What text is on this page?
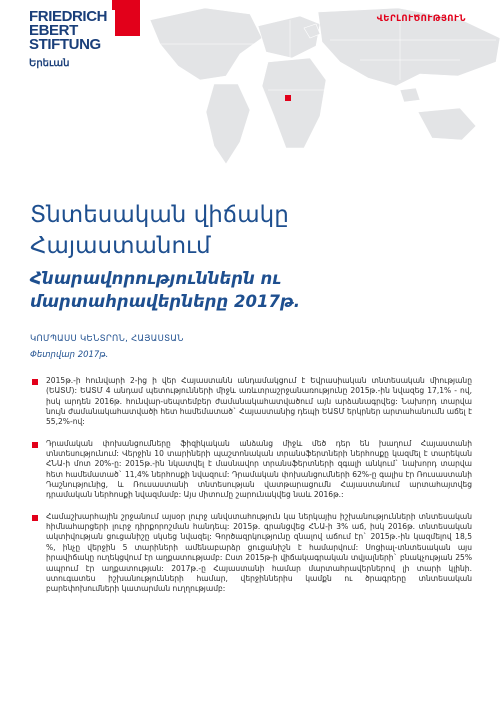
FRIEDRICH
EBERT
STIFTUNG
Երեւան
ՎԵՐԼՈՒԾՈՒԹՅՈՒՆ
Տնտեսական վիճակը
Հայաստանում
Հնարավորություններն ու
մարտահրավերները 2017թ.
ԿՈՄՊԱՍՍ ԿԵՆՏՐՈՆ, ՀԱՅԱՍՏԱՆ
Փետրվար 2017թ.

2015թ.-ի հունվարի 2-ից ի վեր Հայաստանն անդամակցում է Եվրասիական տնտեսական միությանը (ԵԱՏՄ): ԵԱՏՄ 4 անդամ պետությունների միջև առևտրաշրջանառությունը 2015թ.-ին նվազեց 17,1% - ով, իսկ արդեն 2016թ. հունվար-սեպտեմբեր ժամանակահատվածում այն արձանագրվեց: Նախորդ տարվա նույն ժամանակահատվածի հետ համեմատած` Հայաստանից դեպի ԵԱՏՄ երկրներ արտահանումն աճել է 55,2%-ով:

Դրամական փոխանցումները ֆիզիկական անձանց միջև մեծ դեր են խաղում Հայաստանի տնտեսությունում: Վերջին 10 տարիների պաշտոնական տրանսֆերտների ներհոսքը կազմել է տարեկան ՀՆԱ-ի մոտ 20%-ը: 2015թ.-ին նկատվել է մասնավոր տրանսֆերտների զգալի անկում` նախորդ տարվա հետ համեմատած` 11,4% ներհոսքի նվազում: Դրամական փոխանցումների 62%-ը գալիս էր Ռուսաստանի Դաշնությունից, և Ռուսաստանի տնտեսության վատթարացումն Հայաստանում արտահայտվեց դրամական ներհոսքի նվազմամբ: Այս միտումը շարունակվեց նաև 2016թ.:

Համաշխարհային շրջանում այսօր լուրջ անվստահություն կա ներկայիս իշխանությունների տնտեսական հիմնահարցերի լուրջ դիրքորոշման հանդեպ: 2015թ. գրանցվեց ՀՆԱ-ի 3% աճ, իսկ 2016թ. տնտեսական ակտիվության ցուցանիշը սկսեց նվազել: Գործազրկությունը զնալով աճում էր` 2015թ.-ին կազմելով 18,5 %, ինչը վերջին 5 տարիների ամենաբարձր ցուցանիշն է համարվում: Սոցիալ-տնտեսական այս իրավիճակը ուղեկցվում էր աղքատությամբ: Ըստ 2015թ-ի վիճակագրական տվյալների` բնակչության 25% ապրում էր աղքատության: 2017թ.-ը Հայաստանի համար մարտահրավերներով լի տարի կլինի. ստուգատես իշխանությունների համար, վերջիններիս կամքն ու ծրագրերը տնտեսական բարեփոխումների կատարման ուղղությամբ:
